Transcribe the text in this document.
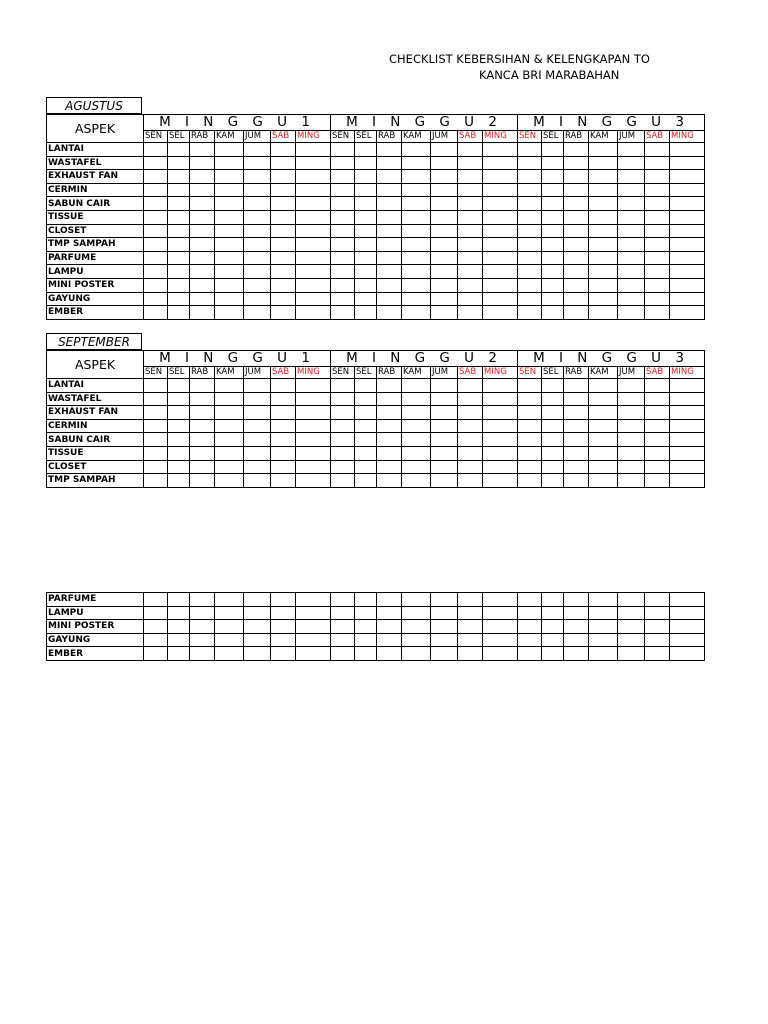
CHECKLIST KEBERSIHAN & KELENGKAPAN TO
KANCA BRI MARABAHAN
AGUSTUS
ASPEK	M I N G G U 1							M I N G G U 2							M I N G G U 3						
	SEN	SEL	RAB	KAM	JUM	SAB	MING	SEN	SEL	RAB	KAM	JUM	SAB	MING	SEN	SEL	RAB	KAM	JUM	SAB	MING
LANTAI																					
WASTAFEL																					
EXHAUST FAN																					
CERMIN																					
SABUN CAIR																					
TISSUE																					
CLOSET																					
TMP SAMPAH																					
PARFUME																					
LAMPU																					
MINI POSTER																					
GAYUNG																					
EMBER																					
SEPTEMBER
ASPEK	M I N G G U 1							M I N G G U 2							M I N G G U 3						
	SEN	SEL	RAB	KAM	JUM	SAB	MING	SEN	SEL	RAB	KAM	JUM	SAB	MING	SEN	SEL	RAB	KAM	JUM	SAB	MING
LANTAI																					
WASTAFEL																					
EXHAUST FAN																					
CERMIN																					
SABUN CAIR																					
TISSUE																					
CLOSET																					
TMP SAMPAH																					
PARFUME																					
LAMPU																					
MINI POSTER																					
GAYUNG																					
EMBER																					
